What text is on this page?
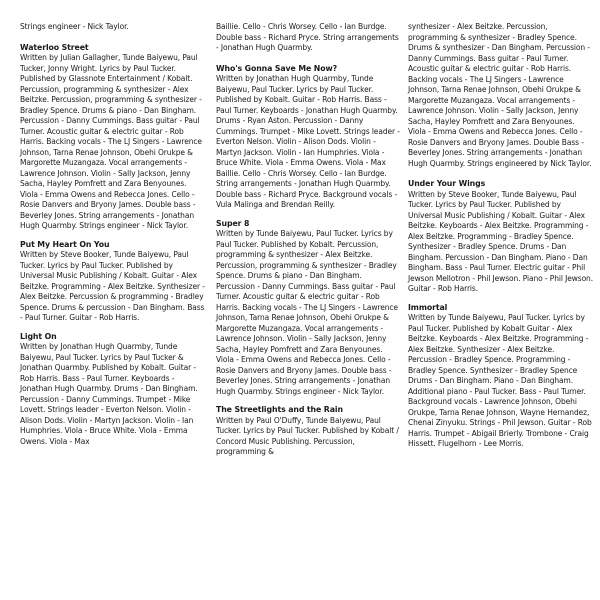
Strings engineer - Nick Taylor.

Waterloo Street

Written by Julian Gallagher, Tunde Baiyewu, Paul Tucker, Jonny Wright. Lyrics by Paul Tucker. Published by Glassnote Entertainment / Kobalt. Percussion, programming & synthesizer - Alex Beitzke. Percussion, programming & synthesizer - Bradley Spence. Drums & piano - Dan Bingham. Percussion - Danny Cummings. Bass guitar - Paul Turner. Acoustic guitar & electric guitar - Rob Harris. Backing vocals - The LJ Singers - Lawrence Johnson, Tarna Renae Johnson, Obehi Orukpe & Margorette Muzangaza. Vocal arrangements - Lawrence Johnson. Violin - Sally Jackson, Jenny Sacha, Hayley Pomfrett and Zara Benyounes. Viola - Emma Owens and Rebecca Jones. Cello - Rosie Danvers and Bryony James. Double bass - Beverley Jones. String arrangements - Jonathan Hugh Quarmby. Strings engineer - Nick Taylor.

Put My Heart On You

Written by Steve Booker, Tunde Baiyewu, Paul Tucker. Lyrics by Paul Tucker. Published by Universal Music Publishing / Kobalt. Guitar - Alex Beitzke. Programming - Alex Beitzke. Synthesizer - Alex Beitzke. Percussion & programming - Bradley Spence. Drums & percussion - Dan Bingham. Bass - Paul Turner. Guitar - Rob Harris.

Light On

Written by Jonathan Hugh Quarmby, Tunde Baiyewu, Paul Tucker. Lyrics by Paul Tucker & Jonathan Quarmby. Published by Kobalt. Guitar - Rob Harris. Bass - Paul Turner. Keyboards - Jonathan Hugh Quarmby. Drums - Dan Bingham. Percussion - Danny Cummings. Trumpet - Mike Lovett. Strings leader - Everton Nelson. Violin - Alison Dods. Violin - Martyn Jackson. Violin - Ian Humphries. Viola - Bruce White. Viola - Emma Owens. Viola - Max

Baillie. Cello - Chris Worsey. Cello - Ian Burdge. Double bass - Richard Pryce. String arrangements - Jonathan Hugh Quarmby.

Who's Gonna Save Me Now?

Written by Jonathan Hugh Quarmby, Tunde Baiyewu, Paul Tucker. Lyrics by Paul Tucker. Published by Kobalt. Guitar - Rob Harris. Bass - Paul Turner. Keyboards - Jonathan Hugh Quarmby. Drums - Ryan Aston. Percussion - Danny Cummings. Trumpet - Mike Lovett. Strings leader - Everton Nelson. Violin - Alison Dods. Violin - Martyn Jackson. Violin - Ian Humphries. Viola - Bruce White. Viola - Emma Owens. Viola - Max Baillie. Cello - Chris Worsey. Cello - Ian Burdge. String arrangements - Jonathan Hugh Quarmby. Double bass - Richard Pryce. Background vocals - Vula Malinga and Brendan Reilly.

Super 8

Written by Tunde Baiyewu, Paul Tucker. Lyrics by Paul Tucker. Published by Kobalt. Percussion, programming & synthesizer - Alex Beitzke. Percussion, programming & synthesizer - Bradley Spence. Drums & piano - Dan Bingham. Percussion - Danny Cummings. Bass guitar - Paul Turner. Acoustic guitar & electric guitar - Rob Harris. Backing vocals - The LJ Singers - Lawrence Johnson, Tarna Renae Johnson, Obehi Orukpe & Margorette Muzangaza. Vocal arrangements - Lawrence Johnson. Violin - Sally Jackson, Jenny Sacha, Hayley Pomfrett and Zara Benyounes. Viola - Emma Owens and Rebecca Jones. Cello - Rosie Danvers and Bryony James. Double bass - Beverley Jones. String arrangements - Jonathan Hugh Quarmby. Strings engineer - Nick Taylor.

The Streetlights and the Rain

Written by Paul O'Duffy, Tunde Baiyewu, Paul Tucker. Lyrics by Paul Tucker. Published by Kobalt / Concord Music Publishing. Percussion, programming &

synthesizer - Alex Beitzke. Percussion, programming & synthesizer - Bradley Spence. Drums & synthesizer - Dan Bingham. Percussion - Danny Cummings. Bass guitar - Paul Turner. Acoustic guitar & electric guitar - Rob Harris. Backing vocals - The LJ Singers - Lawrence Johnson, Tarna Renae Johnson, Obehi Orukpe & Margorette Muzangaza. Vocal arrangements - Lawrence Johnson. Violin - Sally Jackson, Jenny Sacha, Hayley Pomfrett and Zara Benyounes. Viola - Emma Owens and Rebecca Jones. Cello - Rosie Danvers and Bryony James. Double Bass - Beverley Jones. String arrangements - Jonathan Hugh Quarmby. Strings engineered by Nick Taylor.

Under Your Wings

Written by Steve Booker, Tunde Baiyewu, Paul Tucker. Lyrics by Paul Tucker. Published by Universal Music Publishing / Kobalt. Guitar - Alex Beitzke. Keyboards - Alex Beitzke. Programming - Alex Beitzke. Programming - Bradley Spence. Synthesizer - Bradley Spence. Drums - Dan Bingham. Percussion - Dan Bingham. Piano - Dan Bingham. Bass - Paul Turner. Electric guitar - Phil Jewson Mellotron - Phil Jewson. Piano - Phil Jewson. Guitar - Rob Harris.

Immortal

Written by Tunde Baiyewu, Paul Tucker. Lyrics by Paul Tucker. Published by Kobalt Guitar - Alex Beitzke. Keyboards - Alex Beitzke. Programming - Alex Beitzke. Synthesizer - Alex Beitzke. Percussion - Bradley Spence. Programming - Bradley Spence. Synthesizer - Bradley Spence Drums - Dan Bingham. Piano - Dan Bingham. Additional piano - Paul Tucker. Bass - Paul Turner. Background vocals - Lawrence Johnson, Obehi Orukpe, Tarna Renae Johnson, Wayne Hernandez, Chenai Zinyuku. Strings - Phil Jewson. Guitar - Rob Harris. Trumpet - Abigail Brierly. Trombone - Craig Hissett. Flugelhorn - Lee Morris.
